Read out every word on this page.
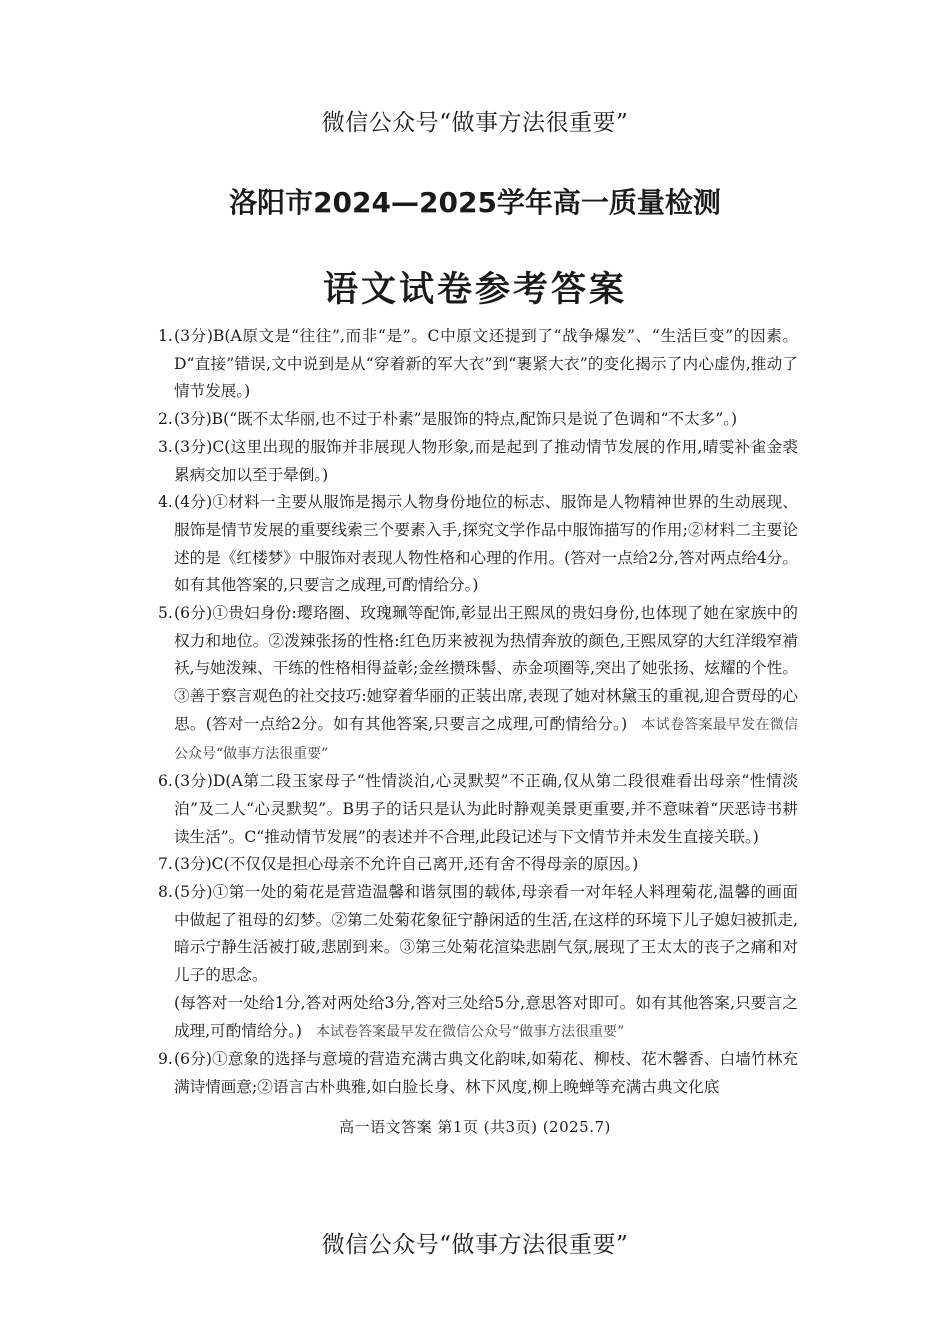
微信公众号“做事方法很重要”
洛阳市2024—2025学年高一质量检测
语文试卷参考答案
1. (3分)B(A原文是“往往”,而非“是”。C中原文还提到了“战争爆发”、“生活巨变”的因素。D“直接”错误,文中说到是从“穿着新的军大衣”到“裹紧大衣”的变化揭示了内心虚伪,推动了情节发展。)
2. (3分)B(“既不太华丽,也不过于朴素”是服饰的特点,配饰只是说了色调和“不太多”。)
3. (3分)C(这里出现的服饰并非展现人物形象,而是起到了推动情节发展的作用,晴雯补雀金裘累病交加以至于晕倒。)
4. (4分)①材料一主要从服饰是揭示人物身份地位的标志、服饰是人物精神世界的生动展现、服饰是情节发展的重要线索三个要素入手,探究文学作品中服饰描写的作用;②材料二主要论述的是《红楼梦》中服饰对表现人物性格和心理的作用。(答对一点给2分,答对两点给4分。如有其他答案的,只要言之成理,可酌情给分。)
5. (6分)①贵妇身份:璎珞圈、玫瑰珮等配饰,彰显出王熙凤的贵妇身份,也体现了她在家族中的权力和地位。②泼辣张扬的性格:红色历来被视为热情奔放的颜色,王熙凤穿的大红洋缎窄褃袄,与她泼辣、干练的性格相得益彰;金丝攒珠髻、赤金项圈等,突出了她张扬、炫耀的个性。③善于察言观色的社交技巧:她穿着华丽的正装出席,表现了她对林黛玉的重视,迎合贾母的心思。(答对一点给2分。如有其他答案,只要言之成理,可酌情给分。) 本试卷答案最早发在微信公众号“做事方法很重要”
6. (3分)D(A第二段玉家母子“性情淡泊,心灵默契”不正确,仅从第二段很难看出母亲“性情淡泊”及二人“心灵默契”。B男子的话只是认为此时静观美景更重要,并不意味着“厌恶诗书耕读生活”。C“推动情节发展”的表述并不合理,此段记述与下文情节并未发生直接关联。)
7. (3分)C(不仅仅是担心母亲不允许自己离开,还有舍不得母亲的原因。)
8. (5分)①第一处的菊花是营造温馨和谐氛围的载体,母亲看一对年轻人料理菊花,温馨的画面中做起了祖母的幻梦。②第二处菊花象征宁静闲适的生活,在这样的环境下儿子媳妇被抓走,暗示宁静生活被打破,悲剧到来。③第三处菊花渲染悲剧气氛,展现了王太太的丧子之痛和对儿子的思念。
(每答对一处给1分,答对两处给3分,答对三处给5分,意思答对即可。如有其他答案,只要言之成理,可酌情给分。) 本试卷答案最早发在微信公众号“做事方法很重要”
9. (6分)①意象的选择与意境的营造充满古典文化韵味,如菊花、柳枝、花木馨香、白墙竹林充满诗情画意;②语言古朴典雅,如白脸长身、林下风度,柳上晚蝉等充满古典文化底
高一语文答案 第1页 (共3页) (2025.7)
微信公众号“做事方法很重要”
